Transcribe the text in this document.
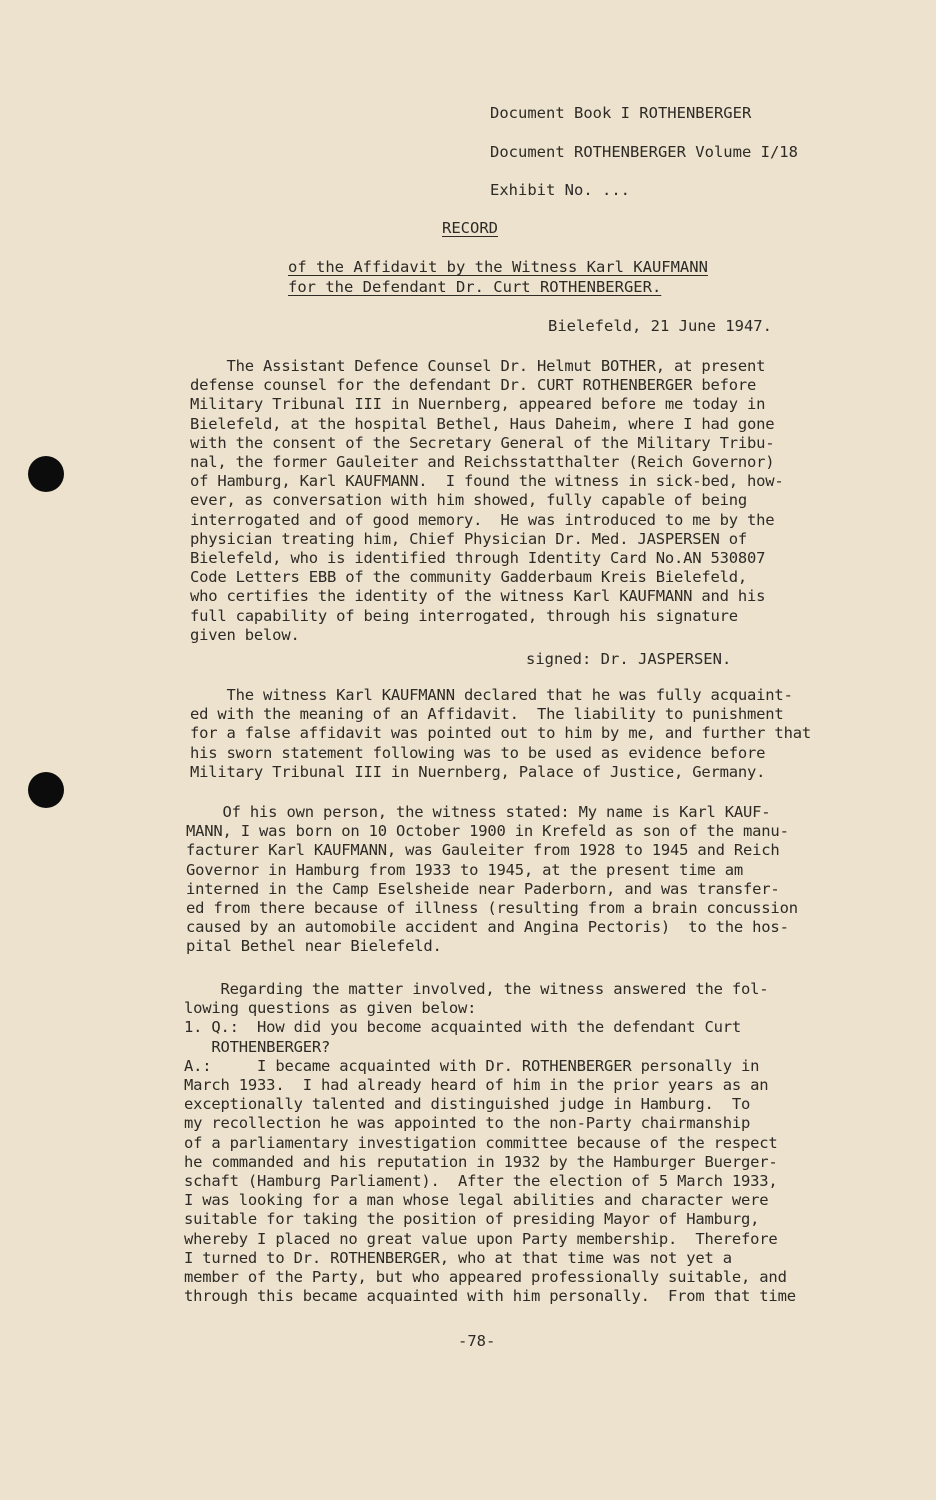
Document Book I ROTHENBERGER
Document ROTHENBERGER Volume I/18
Exhibit No. ...
RECORD
of the Affidavit by the Witness Karl KAUFMANN
for the Defendant Dr. Curt ROTHENBERGER.
Bielefeld, 21 June 1947.
The Assistant Defence Counsel Dr. Helmut BOTHER, at present
defense counsel for the defendant Dr. CURT ROTHENBERGER before
Military Tribunal III in Nuernberg, appeared before me today in
Bielefeld, at the hospital Bethel, Haus Daheim, where I had gone
with the consent of the Secretary General of the Military Tribu-
nal, the former Gauleiter and Reichsstatthalter (Reich Governor)
of Hamburg, Karl KAUFMANN.  I found the witness in sick-bed, how-
ever, as conversation with him showed, fully capable of being
interrogated and of good memory.  He was introduced to me by the
physician treating him, Chief Physician Dr. Med. JASPERSEN of
Bielefeld, who is identified through Identity Card No.AN 530807
Code Letters EBB of the community Gadderbaum Kreis Bielefeld,
who certifies the identity of the witness Karl KAUFMANN and his
full capability of being interrogated, through his signature
given below.
signed: Dr. JASPERSEN.
The witness Karl KAUFMANN declared that he was fully acquaint-
ed with the meaning of an Affidavit.  The liability to punishment
for a false affidavit was pointed out to him by me, and further that
his sworn statement following was to be used as evidence before
Military Tribunal III in Nuernberg, Palace of Justice, Germany.
Of his own person, the witness stated: My name is Karl KAUF-
MANN, I was born on 10 October 1900 in Krefeld as son of the manu-
facturer Karl KAUFMANN, was Gauleiter from 1928 to 1945 and Reich
Governor in Hamburg from 1933 to 1945, at the present time am
interned in the Camp Eselsheide near Paderborn, and was transfer-
ed from there because of illness (resulting from a brain concussion
caused by an automobile accident and Angina Pectoris)  to the hos-
pital Bethel near Bielefeld.
Regarding the matter involved, the witness answered the fol-
lowing questions as given below:
1. Q.:  How did you become acquainted with the defendant Curt
ROTHENBERGER?
A.:     I became acquainted with Dr. ROTHENBERGER personally in
March 1933.  I had already heard of him in the prior years as an
exceptionally talented and distinguished judge in Hamburg.  To
my recollection he was appointed to the non-Party chairmanship
of a parliamentary investigation committee because of the respect
he commanded and his reputation in 1932 by the Hamburger Buerger-
schaft (Hamburg Parliament).  After the election of 5 March 1933,
I was looking for a man whose legal abilities and character were
suitable for taking the position of presiding Mayor of Hamburg,
whereby I placed no great value upon Party membership.  Therefore
I turned to Dr. ROTHENBERGER, who at that time was not yet a
member of the Party, but who appeared professionally suitable, and
through this became acquainted with him personally.  From that time
-78-
